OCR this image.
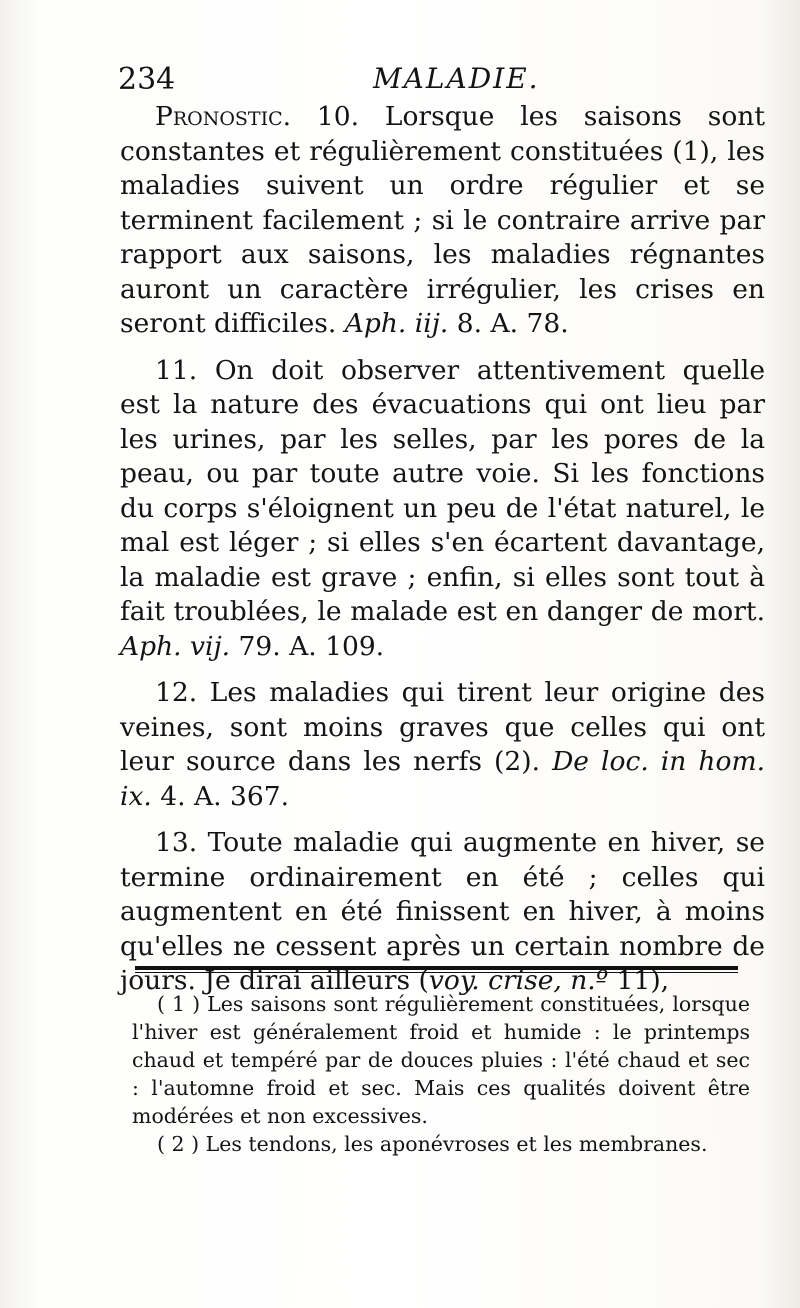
234	MALADIE.

Pronostic. 10. Lorsque les saisons sont constantes et régulièrement constituées (1), les maladies suivent un ordre régulier et se terminent facilement ; si le contraire arrive par rapport aux saisons, les maladies régnantes auront un caractère irrégulier, les crises en seront difficiles. Aph. iij. 8. A. 78.

11. On doit observer attentivement quelle est la nature des évacuations qui ont lieu par les urines, par les selles, par les pores de la peau, ou par toute autre voie. Si les fonctions du corps s'éloignent un peu de l'état naturel, le mal est léger ; si elles s'en écartent davantage, la maladie est grave ; enfin, si elles sont tout à fait troublées, le malade est en danger de mort. Aph. vij. 79. A. 109.

12. Les maladies qui tirent leur origine des veines, sont moins graves que celles qui ont leur source dans les nerfs (2). De loc. in hom. ix. 4. A. 367.

13. Toute maladie qui augmente en hiver, se termine ordinairement en été ; celles qui augmentent en été finissent en hiver, à moins qu'elles ne cessent après un certain nombre de jours. Je dirai ailleurs (voy. crise, n.º 11),

( 1 ) Les saisons sont régulièrement constituées, lorsque l'hiver est généralement froid et humide : le printemps chaud et tempéré par de douces pluies : l'été chaud et sec : l'automne froid et sec. Mais ces qualités doivent être modérées et non excessives.

( 2 ) Les tendons, les aponévroses et les membranes.
